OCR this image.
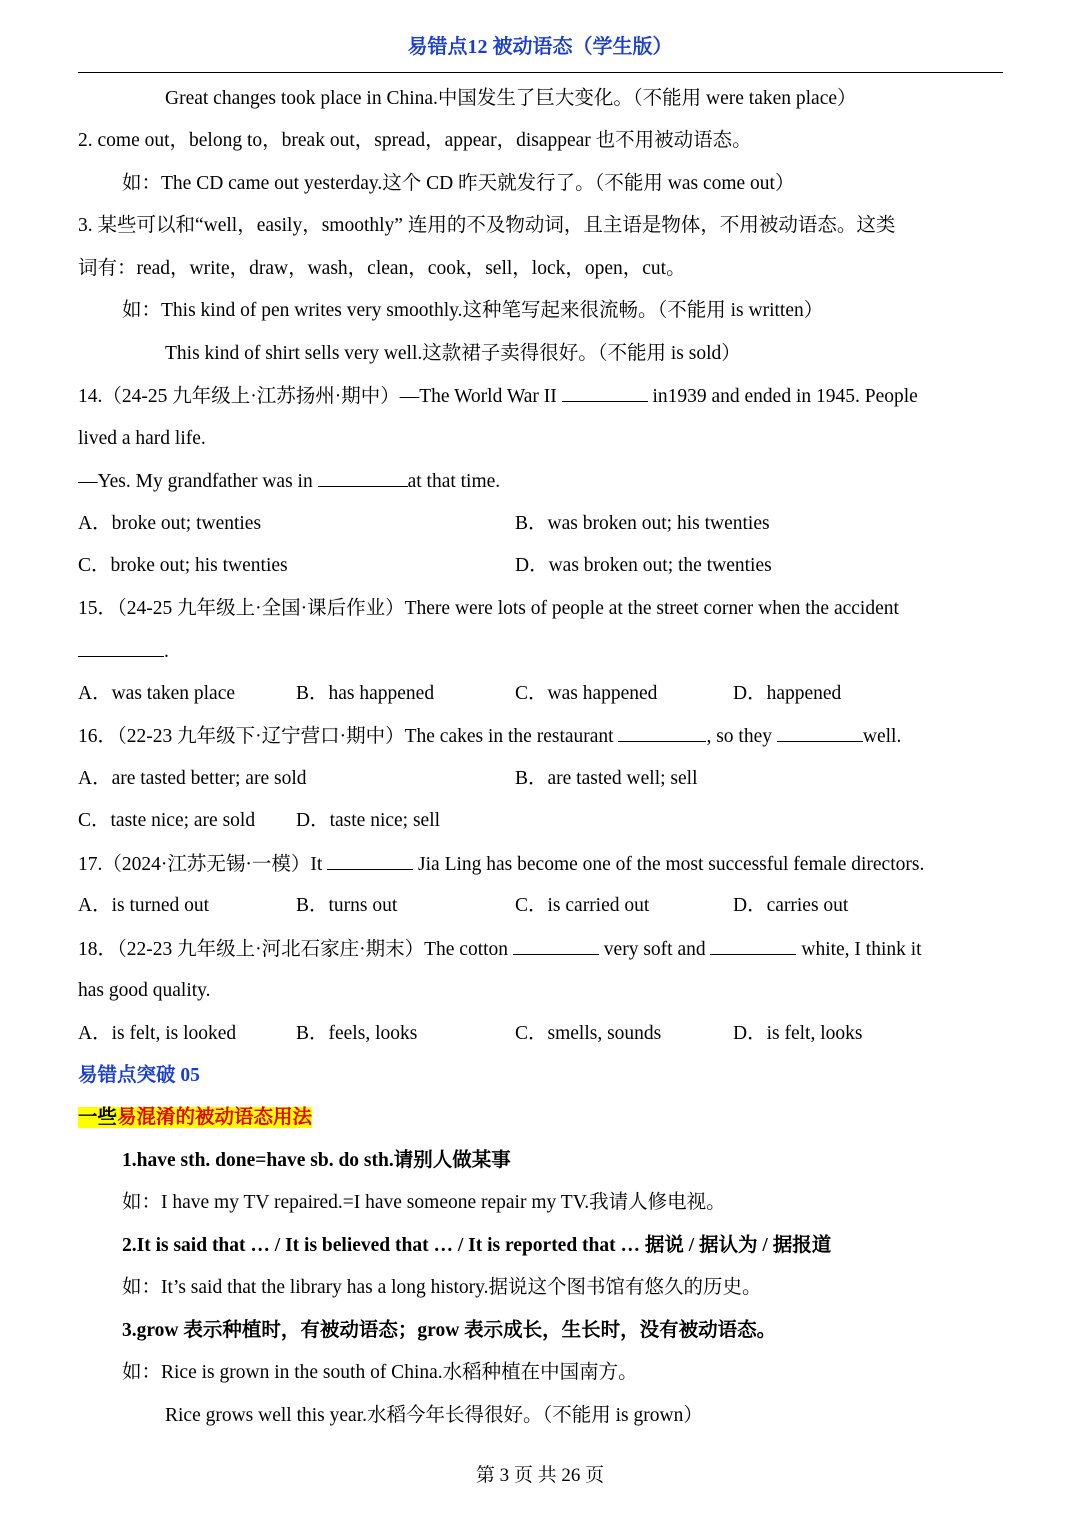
易错点12 被动语态（学生版）
Great changes took place in China.中国发生了巨大变化。（不能用 were taken place）
2. come out，belong to，break out，spread，appear，disappear 也不用被动语态。
如：The CD came out yesterday.这个 CD 昨天就发行了。（不能用 was come out）
3. 某些可以和“well，easily，smoothly” 连用的不及物动词，且主语是物体，不用被动语态。这类
词有：read，write，draw，wash，clean，cook，sell，lock，open，cut。
如：This kind of pen writes very smoothly.这种笔写起来很流畅。（不能用 is written）
This kind of shirt sells very well.这款裙子卖得很好。（不能用 is sold）
14.（24-25 九年级上·江苏扬州·期中）—The World War II	in1939 and ended in 1945. People
lived a hard life.
—Yes. My grandfather was in	at that time.
A．broke out; twenties	B．was broken out; his twenties
C．broke out; his twenties	D．was broken out; the twenties
15．（24-25 九年级上·全国·课后作业）There were lots of people at the street corner when the accident
.
A．was taken place	B．has happened	C．was happened	D．happened
16．（22-23 九年级下·辽宁营口·期中）The cakes in the restaurant	, so they	well.
A．are tasted better; are sold	B．are tasted well; sell
C．taste nice; are sold D．taste nice; sell
17.（2024·江苏无锡·一模）It	Jia Ling has become one of the most successful female directors.
A．is turned out	B．turns out	C．is carried out	D．carries out
18．（22-23 九年级上·河北石家庄·期末）The cotton	very soft and	white, I think it
has good quality.
A．is felt, is looked	B．feels, looks	C．smells, sounds	D．is felt, looks
易错点突破 05
一些易混淆的被动语态用法
1.have sth. done=have sb. do sth.请别人做某事
如：I have my TV repaired.=I have someone repair my TV.我请人修电视。
2.It is said that … / It is believed that … / It is reported that … 据说 / 据认为 / 据报道
如：It’s said that the library has a long history.据说这个图书馆有悠久的历史。
3.grow 表示种植时，有被动语态；grow 表示成长，生长时，没有被动语态。
如：Rice is grown in the south of China.水稻种植在中国南方。
Rice grows well this year.水稻今年长得很好。（不能用 is grown）
第 3 页 共 26 页
